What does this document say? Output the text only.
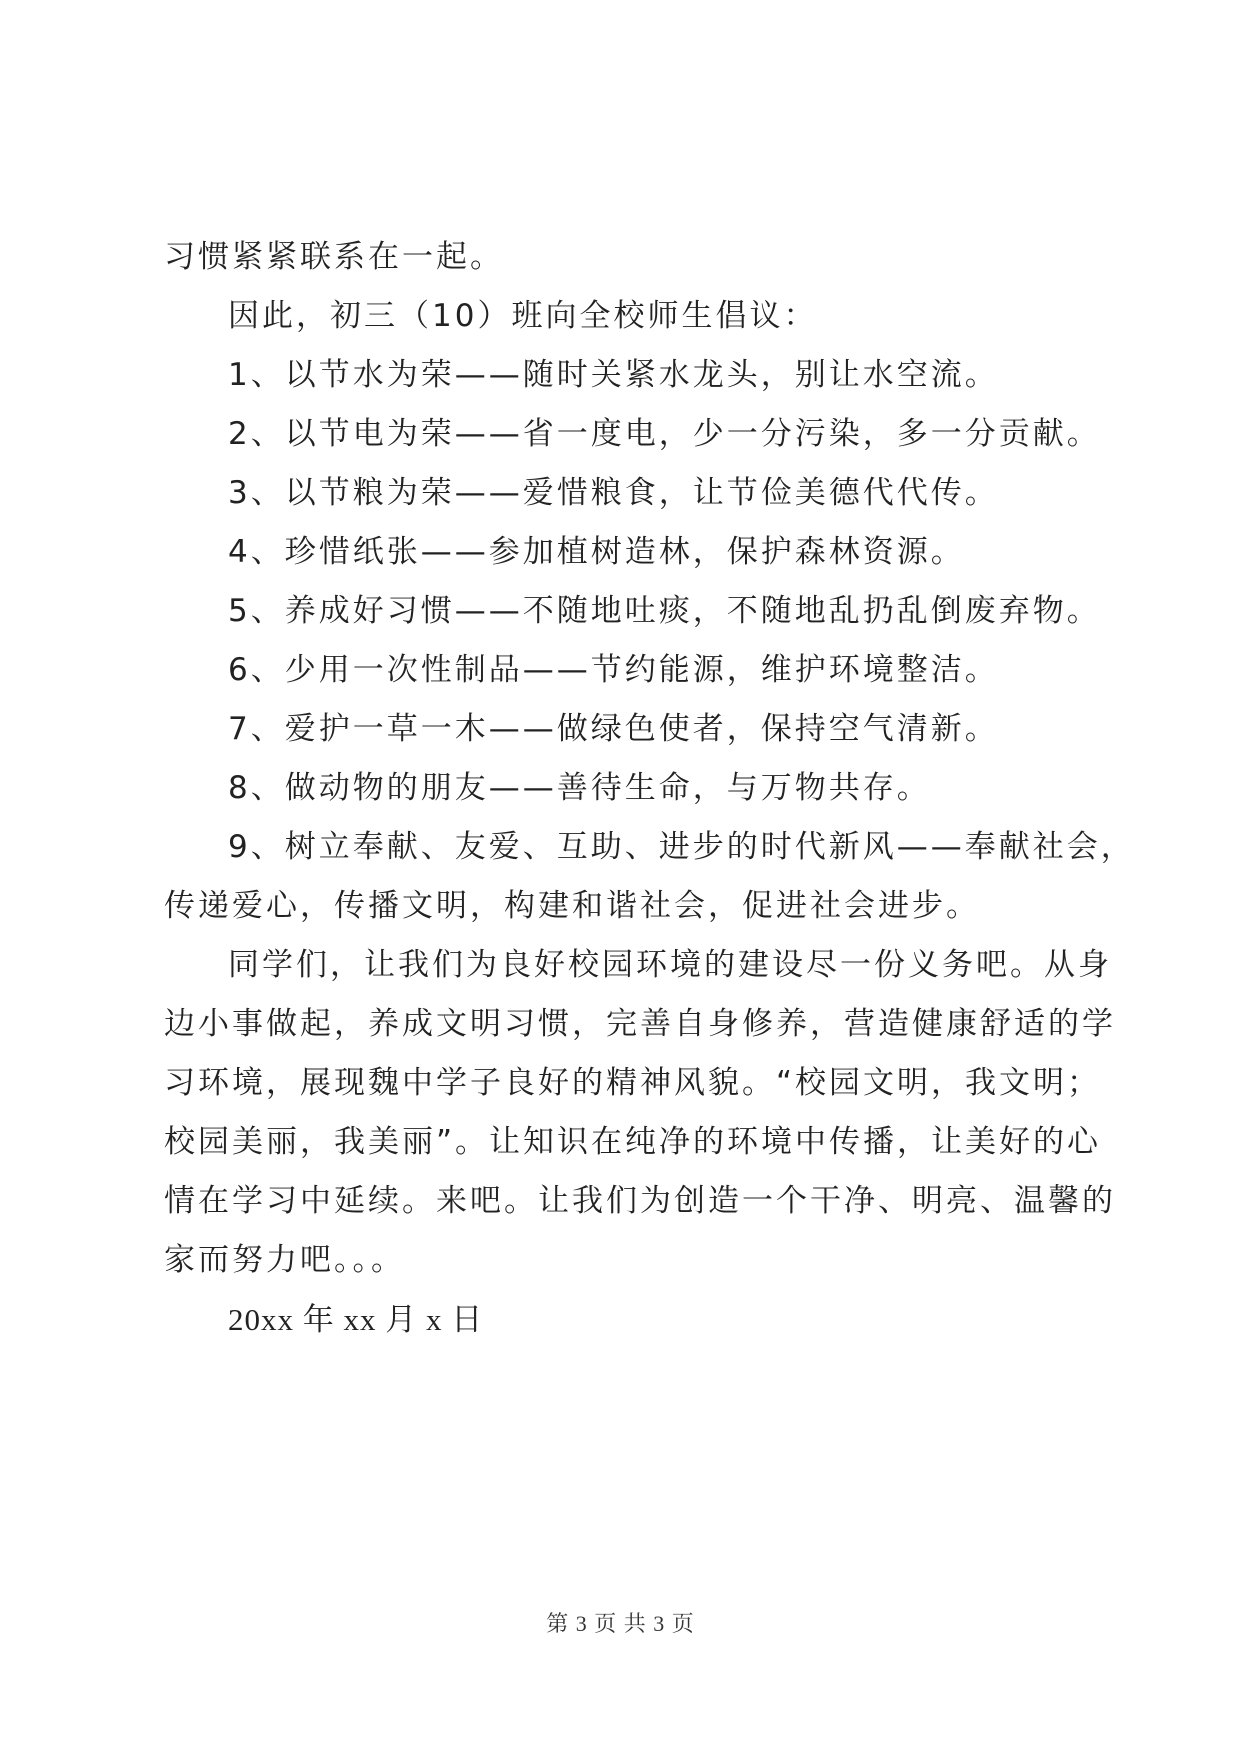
习惯紧紧联系在一起。

因此，初三（10）班向全校师生倡议：

1、以节水为荣——随时关紧水龙头，别让水空流。

2、以节电为荣——省一度电，少一分污染，多一分贡献。

3、以节粮为荣——爱惜粮食，让节俭美德代代传。

4、珍惜纸张——参加植树造林，保护森林资源。

5、养成好习惯——不随地吐痰，不随地乱扔乱倒废弃物。

6、少用一次性制品——节约能源，维护环境整洁。

7、爱护一草一木——做绿色使者，保持空气清新。

8、做动物的朋友——善待生命，与万物共存。

9、树立奉献、友爱、互助、进步的时代新风——奉献社会，

传递爱心，传播文明，构建和谐社会，促进社会进步。

同学们，让我们为良好校园环境的建设尽一份义务吧。从身

边小事做起，养成文明习惯，完善自身修养，营造健康舒适的学

习环境，展现魏中学子良好的精神风貌。“校园文明，我文明；

校园美丽，我美丽”。让知识在纯净的环境中传播，让美好的心

情在学习中延续。来吧。让我们为创造一个干净、明亮、温馨的

家而努力吧。。。

20xx 年 xx 月 x 日

第 3 页 共 3 页
